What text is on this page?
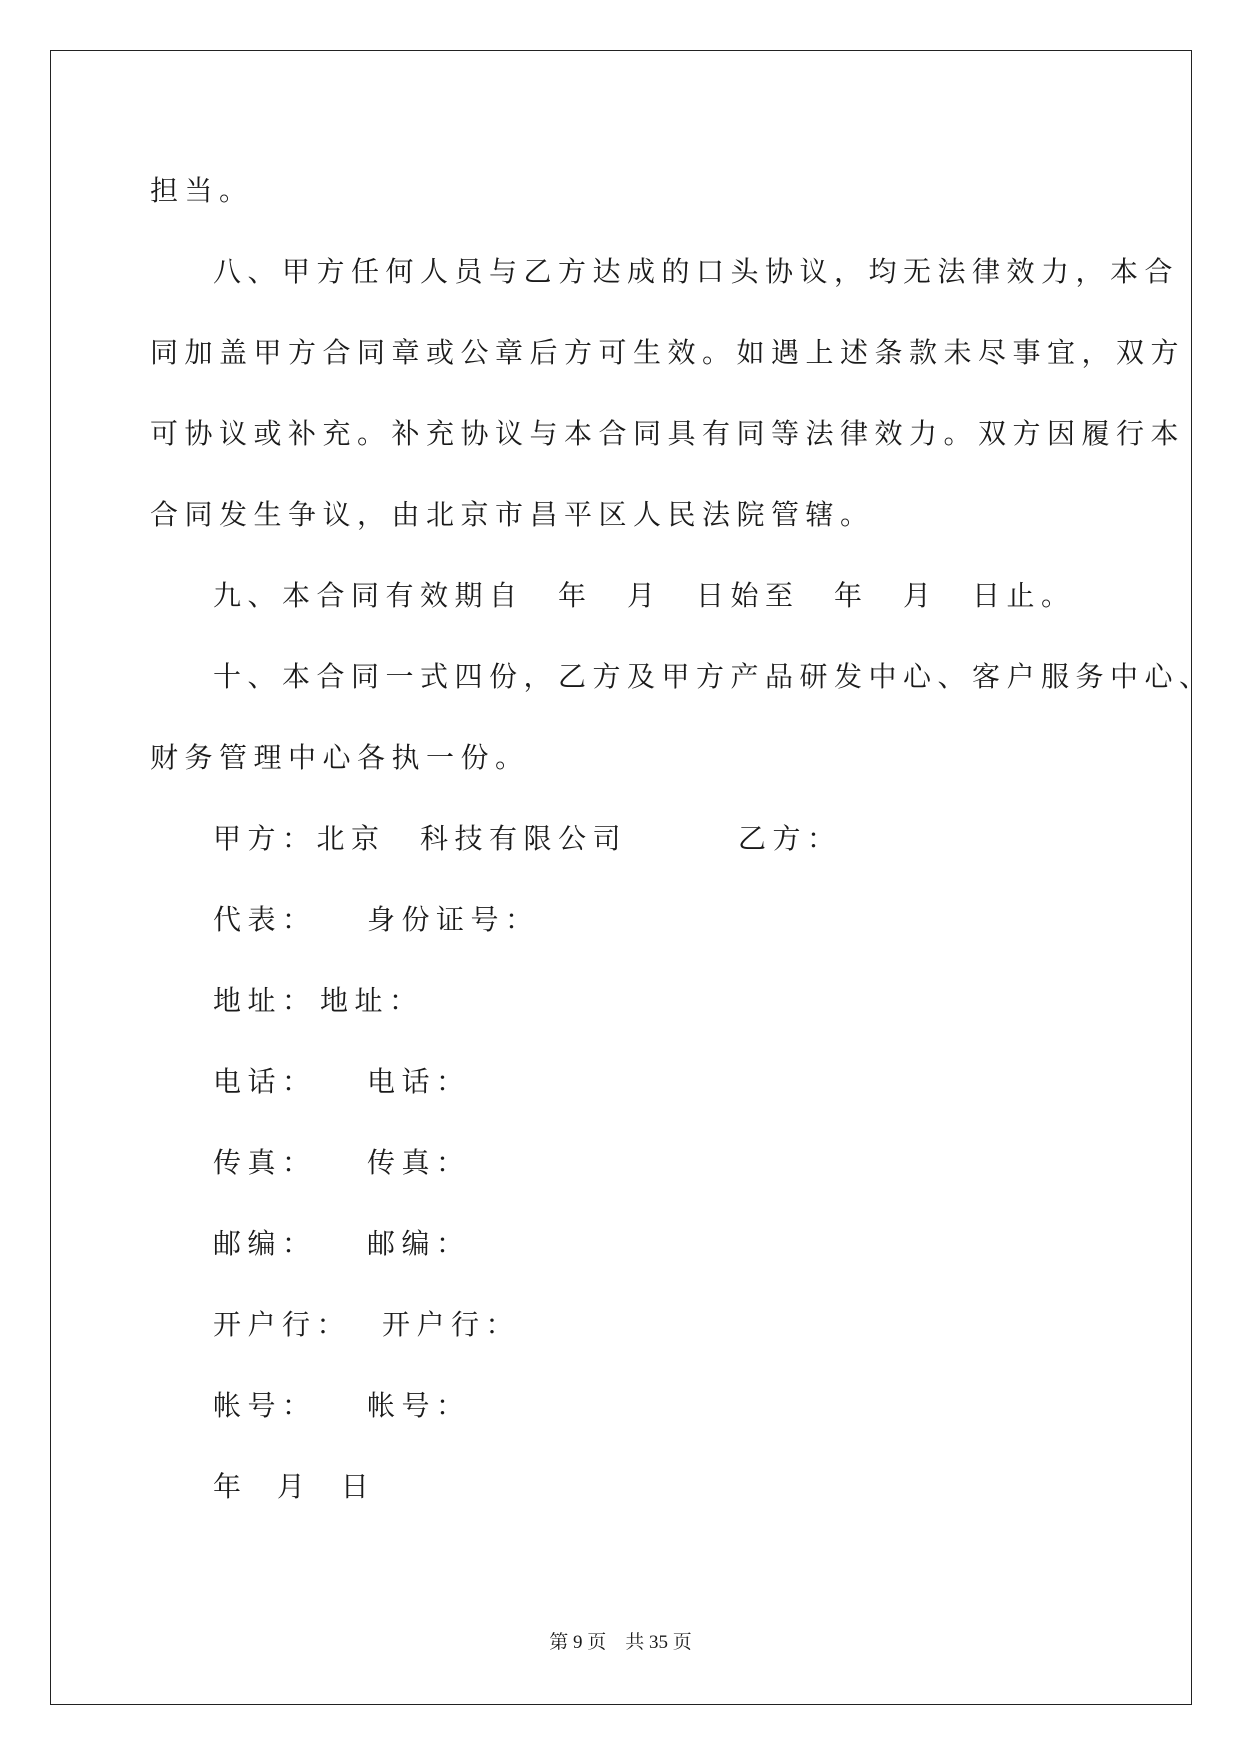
担当。
八、甲方任何人员与乙方达成的口头协议，均无法律效力，本合
同加盖甲方合同章或公章后方可生效。如遇上述条款未尽事宜，双方
可协议或补充。补充协议与本合同具有同等法律效力。双方因履行本
合同发生争议，由北京市昌平区人民法院管辖。
九、本合同有效期自　年　月　日始至　年　月　日止。
十、本合同一式四份，乙方及甲方产品研发中心、客户服务中心、
财务管理中心各执一份。
甲方：北京　科技有限公司	乙方：
代表： 身份证号：
地址： 地址：
电话： 电话：
传真： 传真：
邮编： 邮编：
开户行： 开户行：
帐号： 帐号：
年 月 日
第 9 页　共 35 页
